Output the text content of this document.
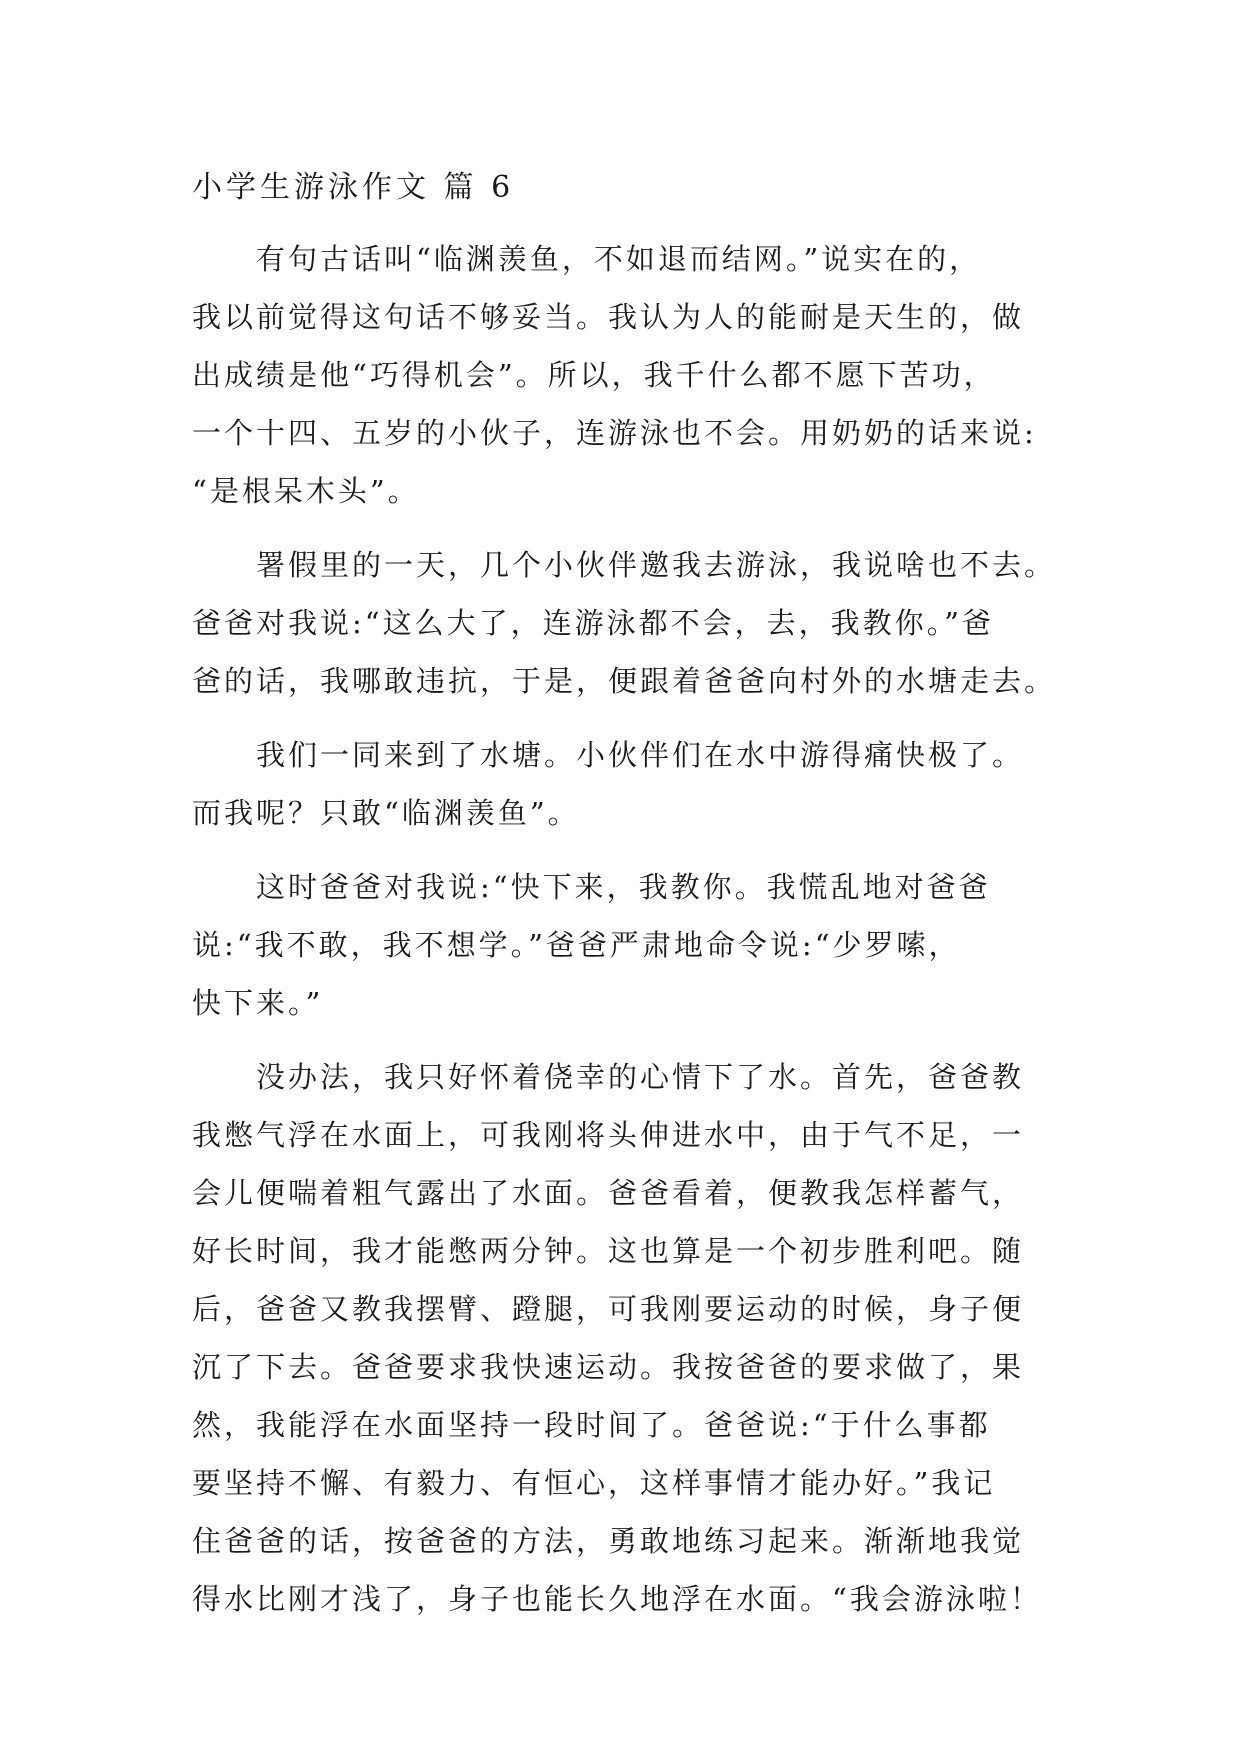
小学生游泳作文 篇 6
有句古话叫“临渊羡鱼，不如退而结网。”说实在的，
我以前觉得这句话不够妥当。我认为人的能耐是天生的，做
出成绩是他“巧得机会”。所以，我千什么都不愿下苦功，
一个十四、五岁的小伙子，连游泳也不会。用奶奶的话来说:
“是根呆木头”。
署假里的一天，几个小伙伴邀我去游泳，我说啥也不去。
爸爸对我说:“这么大了，连游泳都不会，去，我教你。”爸
爸的话，我哪敢违抗，于是，便跟着爸爸向村外的水塘走去。
我们一同来到了水塘。小伙伴们在水中游得痛快极了。
而我呢？只敢“临渊羡鱼”。
这时爸爸对我说:“快下来，我教你。我慌乱地对爸爸
说:“我不敢，我不想学。”爸爸严肃地命令说:“少罗嗦，
快下来。”
没办法，我只好怀着侥幸的心情下了水。首先，爸爸教
我憋气浮在水面上，可我刚将头伸进水中，由于气不足，一
会儿便喘着粗气露出了水面。爸爸看着，便教我怎样蓄气，
好长时间，我才能憋两分钟。这也算是一个初步胜利吧。随
后，爸爸又教我摆臂、蹬腿，可我刚要运动的时候，身子便
沉了下去。爸爸要求我快速运动。我按爸爸的要求做了，果
然，我能浮在水面坚持一段时间了。爸爸说:“于什么事都
要坚持不懈、有毅力、有恒心，这样事情才能办好。”我记
住爸爸的话，按爸爸的方法，勇敢地练习起来。渐渐地我觉
得水比刚才浅了，身子也能长久地浮在水面。“我会游泳啦！
